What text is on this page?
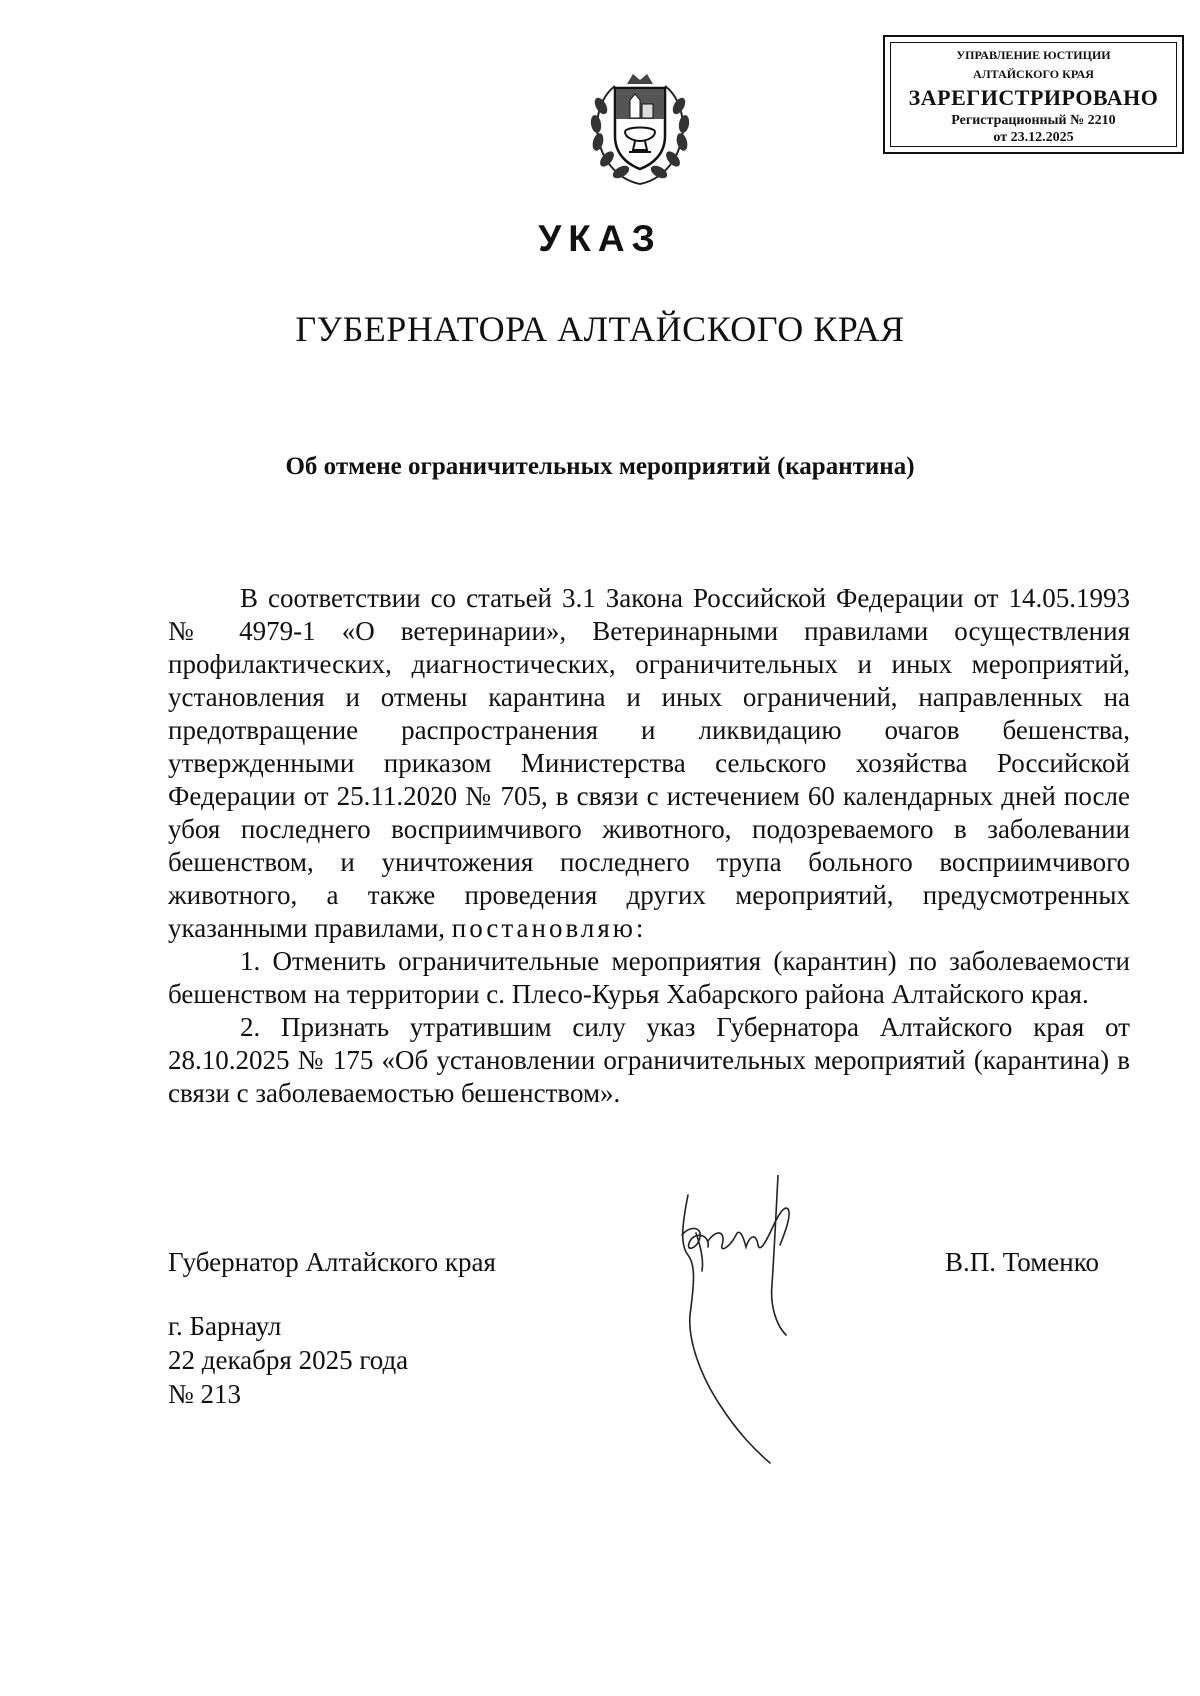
УПРАВЛЕНИЕ ЮСТИЦИИ
АЛТАЙСКОГО КРАЯ
ЗАРЕГИСТРИРОВАНО
Регистрационный № 2210
от 23.12.2025
УКАЗ
ГУБЕРНАТОРА АЛТАЙСКОГО КРАЯ
Об отмене ограничительных мероприятий (карантина)

В соответствии со статьей 3.1 Закона Российской Федерации от 14.05.1993 № 4979-1 «О ветеринарии», Ветеринарными правилами осуществления профилактических, диагностических, ограничительных и иных мероприятий, установления и отмены карантина и иных ограничений, направленных на предотвращение распространения и ликвидацию очагов бешенства, утвержденными приказом Министерства сельского хозяйства Российской Федерации от 25.11.2020 № 705, в связи с истечением 60 календарных дней после убоя последнего восприимчивого животного, подозреваемого в заболевании бешенством, и уничтожения последнего трупа больного восприимчивого животного, а также проведения других мероприятий, предусмотренных указанными правилами, постановляю:

1. Отменить ограничительные мероприятия (карантин) по заболеваемости бешенством на территории с. Плесо-Курья Хабарского района Алтайского края.

2. Признать утратившим силу указ Губернатора Алтайского края от 28.10.2025 № 175 «Об установлении ограничительных мероприятий (карантина) в связи с заболеваемостью бешенством».

Губернатор Алтайского края	В.П. Томенко
г. Барнаул
22 декабря 2025 года
№ 213
